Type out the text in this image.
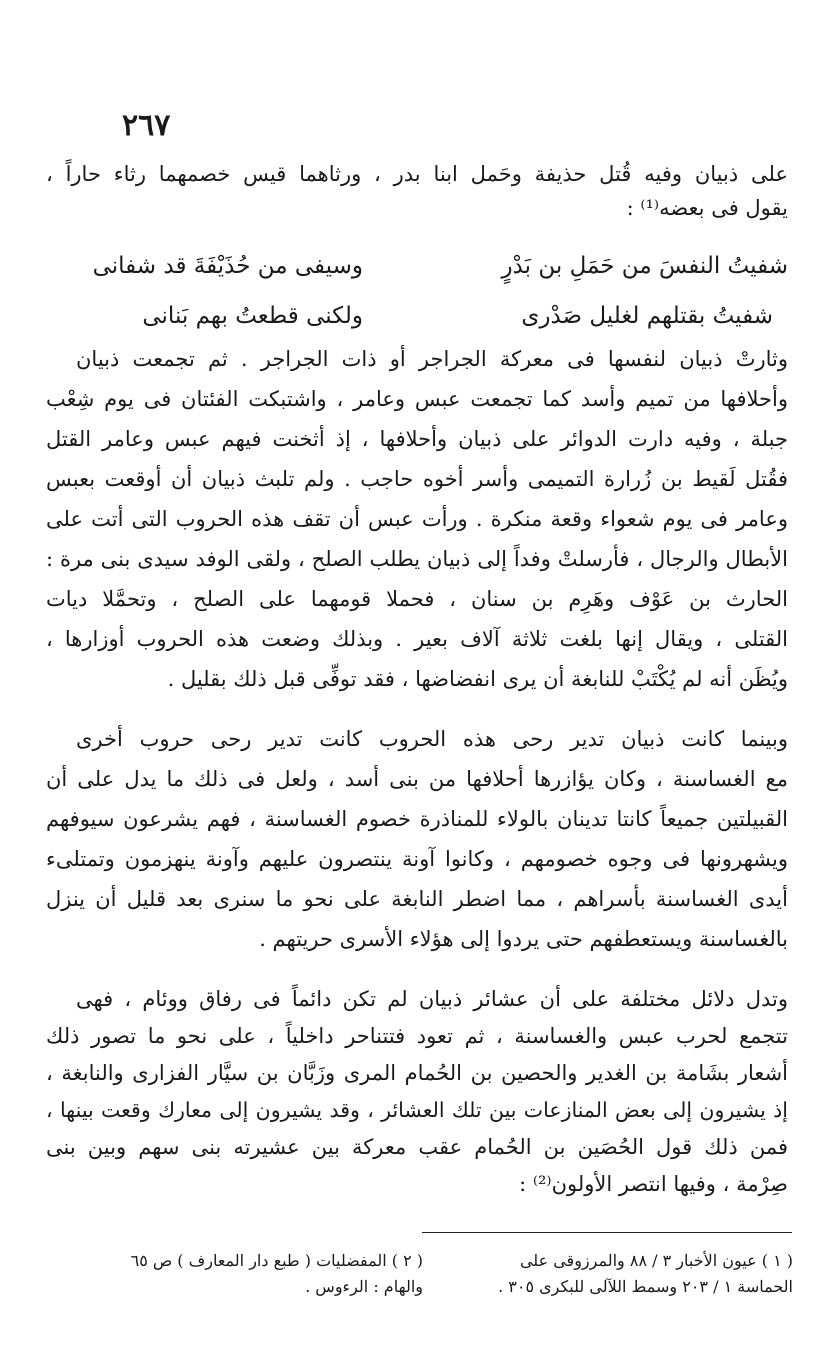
٢٦٧
على ذبيان وفيه قُتل حذيفة وحَمل ابنا بدر ، ورثاهما قيس خصمهما رثاء حاراً ،
يقول فى بعضه⁽¹⁾ :
شفيتُ النفسَ من حَمَلِ بن بَدْرٍ
وسيفى من حُذَيْفَةَ قد شفانى
شفيتُ بقتلهم لغليل صَدْرى
ولكنى قطعتُ بهم بَنانى
وثارتْ ذبيان لنفسها فى معركة الجراجر أو ذات الجراجر . ثم تجمعت ذبيان
وأحلافها من تميم وأسد كما تجمعت عبس وعامر ، واشتبكت الفئتان فى يوم شِعْب
جبلة ، وفيه دارت الدوائر على ذبيان وأحلافها ، إذ أثخنت فيهم عبس وعامر القتل
فقُتل لَقيط بن زُرارة التميمى وأسر أخوه حاجب . ولم تلبث ذبيان أن أوقعت بعبس
وعامر فى يوم شعواء وقعة منكرة . ورأت عبس أن تقف هذه الحروب التى أتت على
الأبطال والرجال ، فأرسلتْ وفداً إلى ذبيان يطلب الصلح ، ولقى الوفد سيدى بنى مرة :
الحارث بن عَوْف وهَرِم بن سنان ، فحملا قومهما على الصلح ، وتحمَّلا ديات
القتلى ، ويقال إنها بلغت ثلاثة آلاف بعير . وبذلك وضعت هذه الحروب أوزارها ،
ويُظَن أنه لم يُكْتَبْ للنابغة أن يرى انفضاضها ، فقد توفِّى قبل ذلك بقليل .
وبينما كانت ذبيان تدير رحى هذه الحروب كانت تدير رحى حروب أخرى
مع الغساسنة ، وكان يؤازرها أحلافها من بنى أسد ، ولعل فى ذلك ما يدل على أن
القبيلتين جميعاً كانتا تدينان بالولاء للمناذرة خصوم الغساسنة ، فهم يشرعون سيوفهم
ويشهرونها فى وجوه خصومهم ، وكانوا آونة ينتصرون عليهم وآونة ينهزمون وتمتلىء
أيدى الغساسنة بأسراهم ، مما اضطر النابغة على نحو ما سنرى بعد قليل أن ينزل
بالغساسنة ويستعطفهم حتى يردوا إلى هؤلاء الأسرى حريتهم .
وتدل دلائل مختلفة على أن عشائر ذبيان لم تكن دائماً فى رفاق ووئام ، فهى
تتجمع لحرب عبس والغساسنة ، ثم تعود فتتناحر داخلياً ، على نحو ما تصور ذلك
أشعار بشَامة بن الغدير والحصين بن الحُمام المرى وزَبَّان بن سيَّار الفزارى والنابغة ،
إذ يشيرون إلى بعض المنازعات بين تلك العشائر ، وقد يشيرون إلى معارك وقعت بينها ،
فمن ذلك قول الحُصَين بن الحُمام عقب معركة بين عشيرته بنى سهم وبين بنى
صِرْمة ، وفيها انتصر الأولون⁽²⁾ :
( ١ ) عيون الأخبار ٣ / ٨٨ والمرزوقى على
الحماسة ١ / ٢٠٣ وسمط اللآلى للبكرى ٣٠٥ .
( ٢ ) المفضليات ( طبع دار المعارف ) ص ٦٥
والهام : الرءوس .
